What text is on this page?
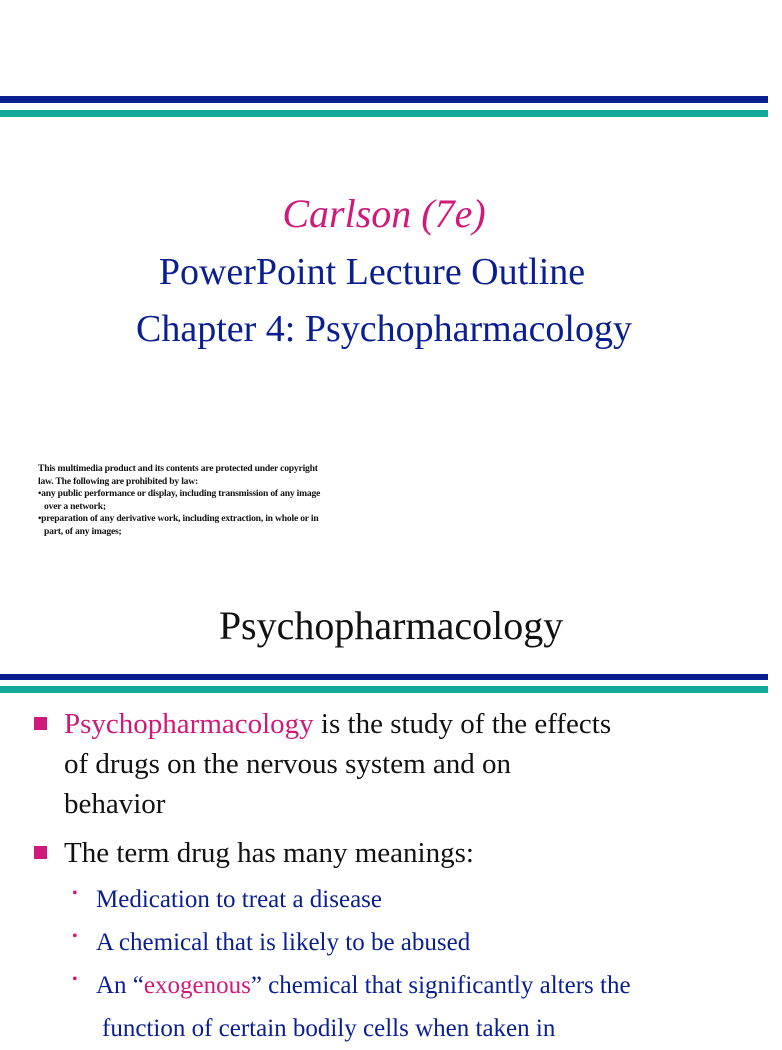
Carlson (7e)
PowerPoint Lecture Outline
Chapter 4: Psychopharmacology
This multimedia product and its contents are protected under copyright
law. The following are prohibited by law:
•any public performance or display, including transmission of any image
over a network;
•preparation of any derivative work, including extraction, in whole or in
part, of any images;
Psychopharmacology
Psychopharmacology is the study of the effects
of drugs on the nervous system and on
behavior
The term drug has many meanings:
• Medication to treat a disease
• A chemical that is likely to be abused
• An “exogenous” chemical that significantly alters the
function of certain bodily cells when taken in
